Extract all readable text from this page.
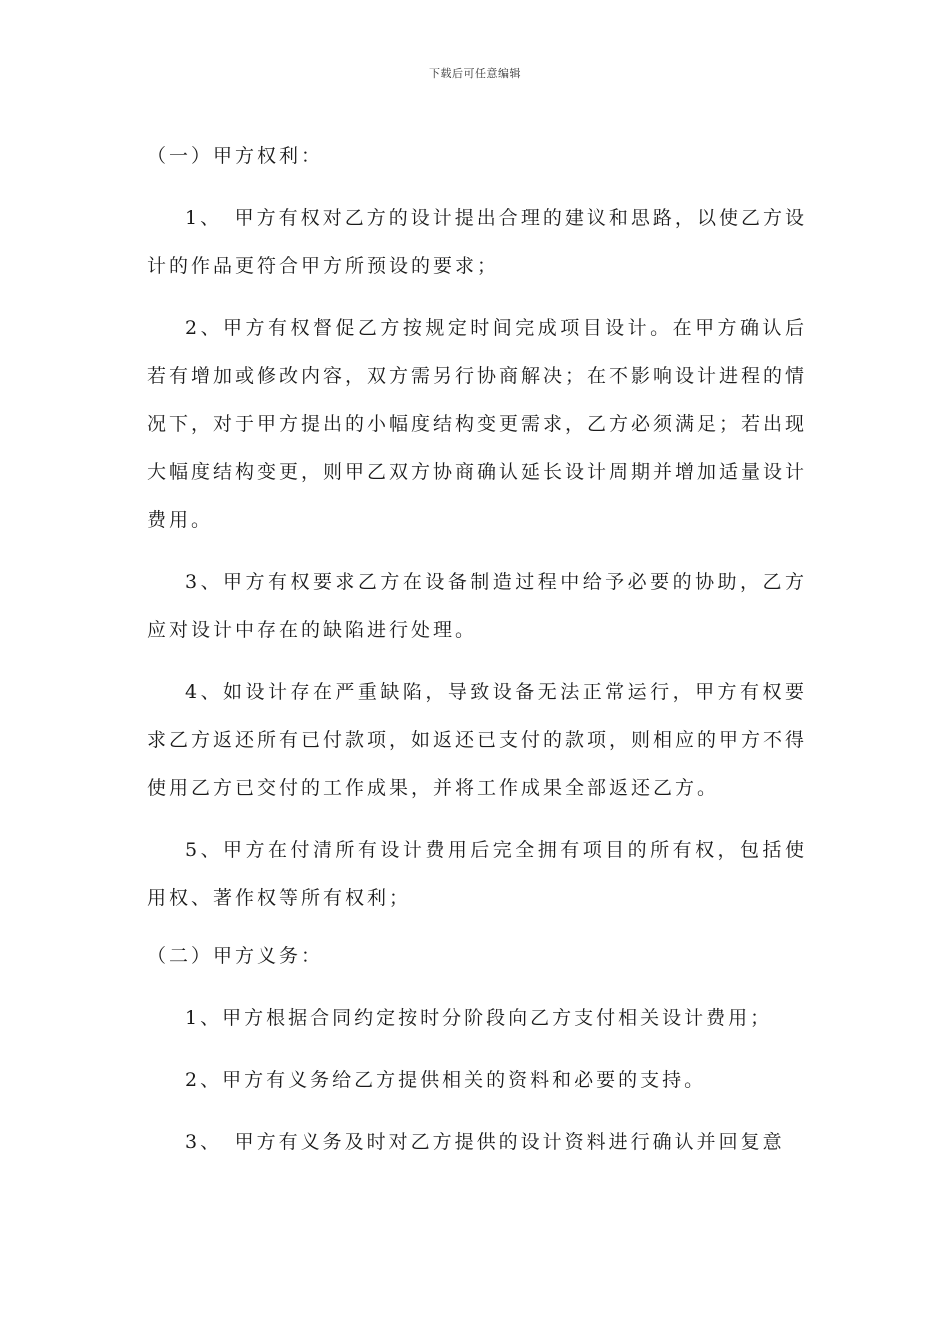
下载后可任意编辑

（一）甲方权利：

1、　甲方有权对乙方的设计提出合理的建议和思路，以使乙方设计的作品更符合甲方所预设的要求；

2、甲方有权督促乙方按规定时间完成项目设计。在甲方确认后若有增加或修改内容，双方需另行协商解决；在不影响设计进程的情况下，对于甲方提出的小幅度结构变更需求，乙方必须满足；若出现大幅度结构变更，则甲乙双方协商确认延长设计周期并增加适量设计费用。

3、甲方有权要求乙方在设备制造过程中给予必要的协助，乙方应对设计中存在的缺陷进行处理。

4、如设计存在严重缺陷，导致设备无法正常运行，甲方有权要求乙方返还所有已付款项，如返还已支付的款项，则相应的甲方不得使用乙方已交付的工作成果，并将工作成果全部返还乙方。

5、甲方在付清所有设计费用后完全拥有项目的所有权，包括使用权、著作权等所有权利；

（二）甲方义务：

1、甲方根据合同约定按时分阶段向乙方支付相关设计费用；

2、甲方有义务给乙方提供相关的资料和必要的支持。

3、　甲方有义务及时对乙方提供的设计资料进行确认并回复意
